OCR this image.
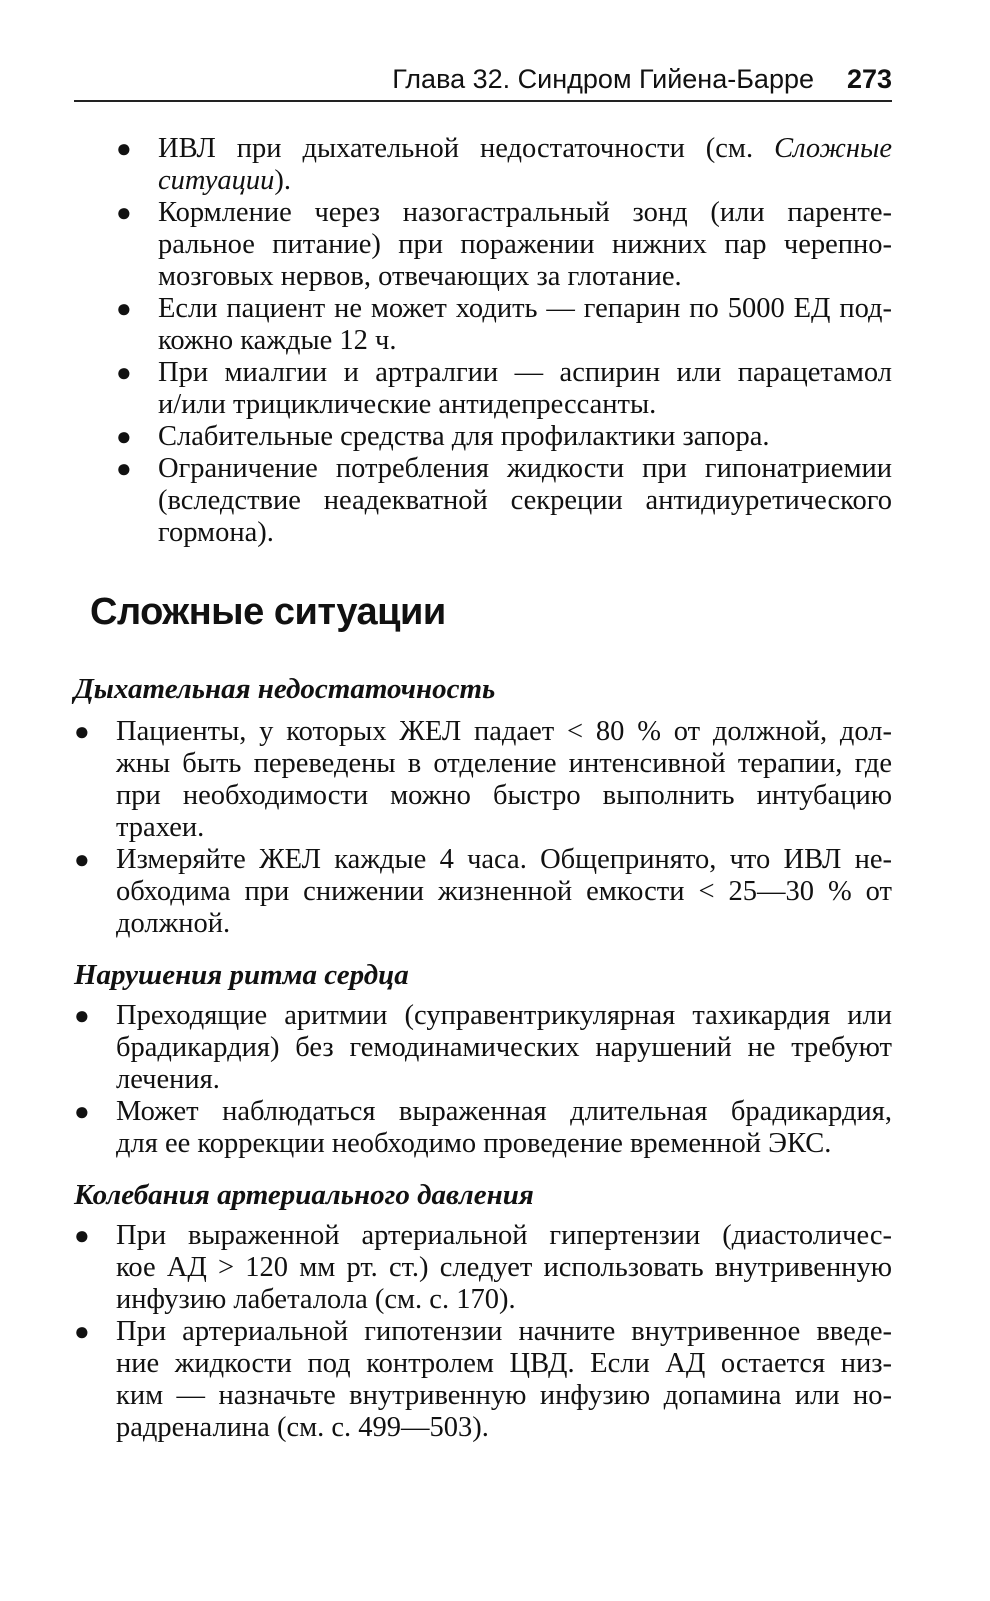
Глава 32. Синдром Гийена-Барре 273
● ИВЛ при дыхательной недостаточности (см. Сложные
ситуации).
● Кормление через назогастральный зонд (или паренте-
ральное питание) при поражении нижних пар черепно-
мозговых нервов, отвечающих за глотание.
● Если пациент не может ходить — гепарин по 5000 ЕД под-
кожно каждые 12 ч.
● При миалгии и артралгии — аспирин или парацетамол
и/или трициклические антидепрессанты.
● Слабительные средства для профилактики запора.
● Ограничение потребления жидкости при гипонатриемии
(вследствие неадекватной секреции антидиуретического
гормона).
Сложные ситуации
Дыхательная недостаточность
● Пациенты, у которых ЖЕЛ падает < 80 % от должной, дол-
жны быть переведены в отделение интенсивной терапии, где
при необходимости можно быстро выполнить интубацию
трахеи.
● Измеряйте ЖЕЛ каждые 4 часа. Общепринято, что ИВЛ не-
обходима при снижении жизненной емкости < 25—30 % от
должной.
Нарушения ритма сердца
● Преходящие аритмии (суправентрикулярная тахикардия или
брадикардия) без гемодинамических нарушений не требуют
лечения.
● Может наблюдаться выраженная длительная брадикардия,
для ее коррекции необходимо проведение временной ЭКС.
Колебания артериального давления
● При выраженной артериальной гипертензии (диастоличес-
кое АД > 120 мм рт. ст.) следует использовать внутривенную
инфузию лабеталола (см. с. 170).
● При артериальной гипотензии начните внутривенное введе-
ние жидкости под контролем ЦВД. Если АД остается низ-
ким — назначьте внутривенную инфузию допамина или но-
радреналина (см. с. 499—503).
